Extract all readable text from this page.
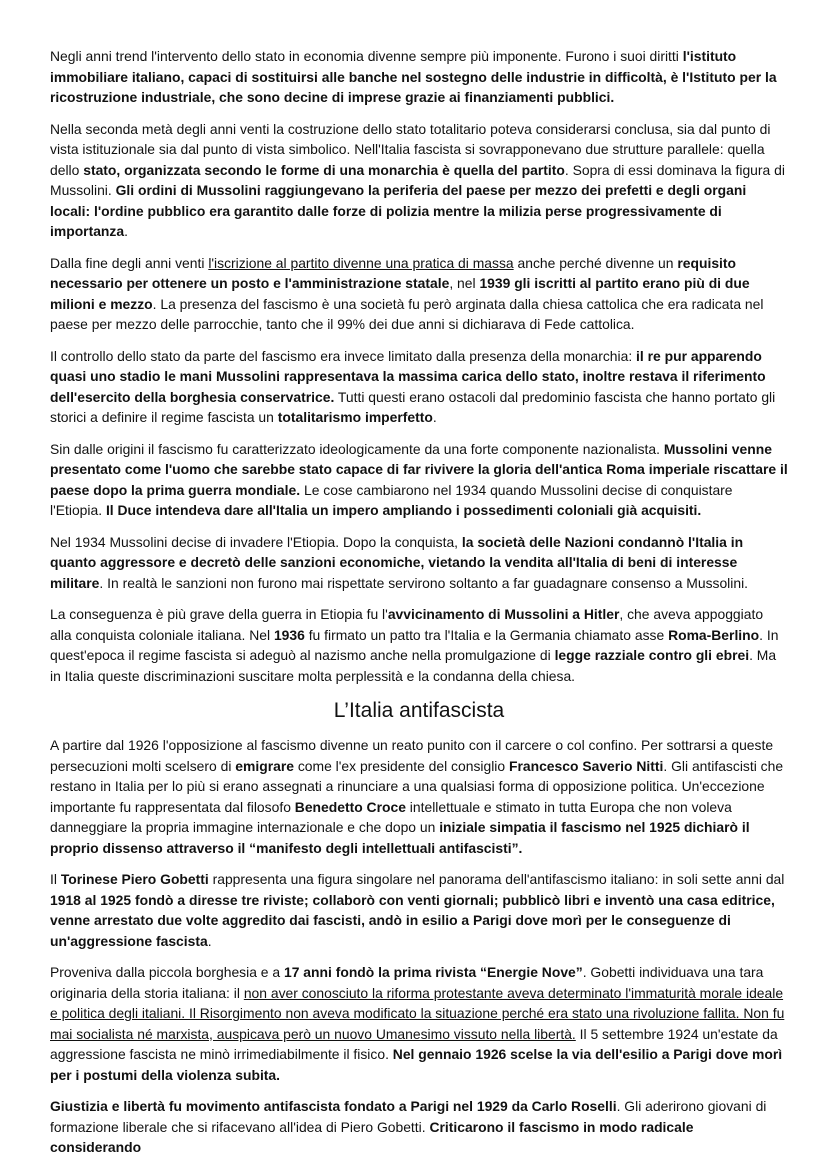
Negli anni trend l'intervento dello stato in economia divenne sempre più imponente. Furono i suoi diritti l'istituto immobiliare italiano, capaci di sostituirsi alle banche nel sostegno delle industrie in difficoltà, è l'Istituto per la ricostruzione industriale, che sono decine di imprese grazie ai finanziamenti pubblici.

Nella seconda metà degli anni venti la costruzione dello stato totalitario poteva considerarsi conclusa, sia dal punto di vista istituzionale sia dal punto di vista simbolico. Nell'Italia fascista si sovrapponevano due strutture parallele: quella dello stato, organizzata secondo le forme di una monarchia è quella del partito. Sopra di essi dominava la figura di Mussolini. Gli ordini di Mussolini raggiungevano la periferia del paese per mezzo dei prefetti e degli organi locali: l'ordine pubblico era garantito dalle forze di polizia mentre la milizia perse progressivamente di importanza.

Dalla fine degli anni venti l'iscrizione al partito divenne una pratica di massa anche perché divenne un requisito necessario per ottenere un posto e l'amministrazione statale, nel 1939 gli iscritti al partito erano più di due milioni e mezzo. La presenza del fascismo è una società fu però arginata dalla chiesa cattolica che era radicata nel paese per mezzo delle parrocchie, tanto che il 99% dei due anni si dichiarava di Fede cattolica.

Il controllo dello stato da parte del fascismo era invece limitato dalla presenza della monarchia: il re pur apparendo quasi uno stadio le mani Mussolini rappresentava la massima carica dello stato, inoltre restava il riferimento dell'esercito della borghesia conservatrice. Tutti questi erano ostacoli dal predominio fascista che hanno portato gli storici a definire il regime fascista un totalitarismo imperfetto.

Sin dalle origini il fascismo fu caratterizzato ideologicamente da una forte componente nazionalista. Mussolini venne presentato come l'uomo che sarebbe stato capace di far rivivere la gloria dell'antica Roma imperiale riscattare il paese dopo la prima guerra mondiale. Le cose cambiarono nel 1934 quando Mussolini decise di conquistare l'Etiopia. Il Duce intendeva dare all'Italia un impero ampliando i possedimenti coloniali già acquisiti.

Nel 1934 Mussolini decise di invadere l'Etiopia. Dopo la conquista, la società delle Nazioni condannò l'Italia in quanto aggressore e decretò delle sanzioni economiche, vietando la vendita all'Italia di beni di interesse militare. In realtà le sanzioni non furono mai rispettate servirono soltanto a far guadagnare consenso a Mussolini.

La conseguenza è più grave della guerra in Etiopia fu l'avvicinamento di Mussolini a Hitler, che aveva appoggiato alla conquista coloniale italiana. Nel 1936 fu firmato un patto tra l'Italia e la Germania chiamato asse Roma-Berlino. In quest'epoca il regime fascista si adeguò al nazismo anche nella promulgazione di legge razziale contro gli ebrei. Ma in Italia queste discriminazioni suscitare molta perplessità e la condanna della chiesa.

L’Italia antifascista

A partire dal 1926 l'opposizione al fascismo divenne un reato punito con il carcere o col confino. Per sottrarsi a queste persecuzioni molti scelsero di emigrare come l'ex presidente del consiglio Francesco Saverio Nitti. Gli antifascisti che restano in Italia per lo più si erano assegnati a rinunciare a una qualsiasi forma di opposizione politica. Un'eccezione importante fu rappresentata dal filosofo Benedetto Croce intellettuale e stimato in tutta Europa che non voleva danneggiare la propria immagine internazionale e che dopo un iniziale simpatia il fascismo nel 1925 dichiarò il proprio dissenso attraverso il “manifesto degli intellettuali antifascisti”.

Il Torinese Piero Gobetti rappresenta una figura singolare nel panorama dell'antifascismo italiano: in soli sette anni dal 1918 al 1925 fondò a diresse tre riviste; collaborò con venti giornali; pubblicò libri e inventò una casa editrice, venne arrestato due volte aggredito dai fascisti, andò in esilio a Parigi dove morì per le conseguenze di un'aggressione fascista.

Proveniva dalla piccola borghesia e a 17 anni fondò la prima rivista “Energie Nove”. Gobetti individuava una tara originaria della storia italiana: il non aver conosciuto la riforma protestante aveva determinato l'immaturità morale ideale e politica degli italiani. Il Risorgimento non aveva modificato la situazione perché era stato una rivoluzione fallita. Non fu mai socialista né marxista, auspicava però un nuovo Umanesimo vissuto nella libertà. Il 5 settembre 1924 un'estate da aggressione fascista ne minò irrimediabilmente il fisico. Nel gennaio 1926 scelse la via dell'esilio a Parigi dove morì per i postumi della violenza subita.

Giustizia e libertà fu movimento antifascista fondato a Parigi nel 1929 da Carlo Roselli. Gli aderirono giovani di formazione liberale che si rifacevano all'idea di Piero Gobetti. Criticarono il fascismo in modo radicale considerando
